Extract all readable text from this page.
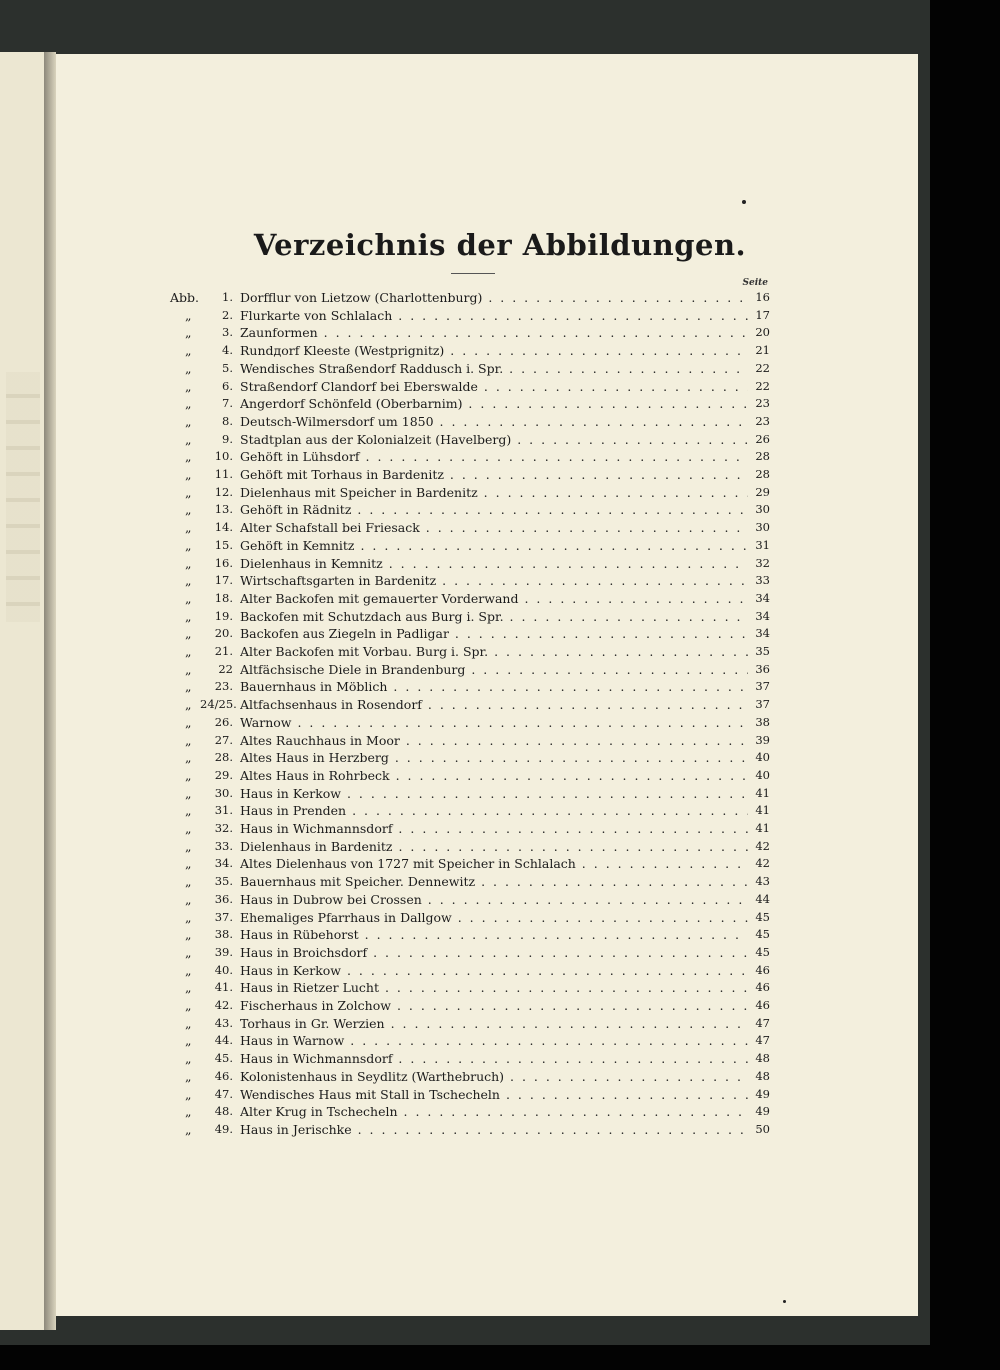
Verzeichnis der Abbildungen.
Seite
Abb.	1. Dorfflur von Lietzow (Charlottenburg) . . .	16
„	2. Flurkarte von Schlalach . . .	17
„	3. Zaunformen . . .	20
„	4. Rundдorf Kleeste (Westprignitz) . . .	21
„	5. Wendisches Straßendorf Raddusch i. Spr. . . .	22
„	6. Straßendorf Clandorf bei Eberswalde . . .	22
„	7. Angerdorf Schönfeld (Oberbarnim) . . .	23
„	8. Deutsch-Wilmersdorf um 1850 . . .	23
„	9. Stadtplan aus der Kolonialzeit (Havelberg) . . .	26
„	10. Gehöft in Lühsdorf . . .	28
„	11. Gehöft mit Torhaus in Bardenitz . . .	28
„	12. Dielenhaus mit Speicher in Bardenitz . . .	29
„	13. Gehöft in Rädnitz . . .	30
„	14. Alter Schafstall bei Friesack . . .	30
„	15. Gehöft in Kemnitz . . .	31
„	16. Dielenhaus in Kemnitz . . .	32
„	17. Wirtschaftsgarten in Bardenitz . . .	33
„	18. Alter Backofen mit gemauerter Vorderwand . . .	34
„	19. Backofen mit Schutzdach aus Burg i. Spr. . . .	34
„	20. Backofen aus Ziegeln in Padligar . . .	34
„	21. Alter Backofen mit Vorbau. Burg i. Spr. . . .	35
„	22 Altfächsische Diele in Brandenburg . . .	36
„	23. Bauernhaus in Möblich . . .	37
„ 24/25. Altfachsenhaus in Rosendorf . . .	37
„	26. Warnow . . .	38
„	27. Altes Rauchhaus in Moor . . .	39
„	28. Altes Haus in Herzberg . . .	40
„	29. Altes Haus in Rohrbeck . . .	40
„	30. Haus in Kerkow . . .	41
„	31. Haus in Prenden . . .	41
„	32. Haus in Wichmannsdorf . . .	41
„	33. Dielenhaus in Bardenitz . . .	42
„	34. Altes Dielenhaus von 1727 mit Speicher in Schlalach . . .	42
„	35. Bauernhaus mit Speicher. Dennewitz . . .	43
„	36. Haus in Dubrow bei Crossen . . .	44
„	37. Ehemaliges Pfarrhaus in Dallgow . . .	45
„	38. Haus in Rübehorst . . .	45
„	39. Haus in Broichsdorf . . .	45
„	40. Haus in Kerkow . . .	46
„	41. Haus in Rietzer Lucht . . .	46
„	42. Fischerhaus in Zolchow . . .	46
„	43. Torhaus in Gr. Werzien . . .	47
„	44. Haus in Warnow . . .	47
„	45. Haus in Wichmannsdorf . . .	48
„	46. Kolonistenhaus in Seydlitz (Warthebruch) . . .	48
„	47. Wendisches Haus mit Stall in Tschecheln . . .	49
„	48. Alter Krug in Tschecheln . . .	49
„	49. Haus in Jerischke . . .	50
